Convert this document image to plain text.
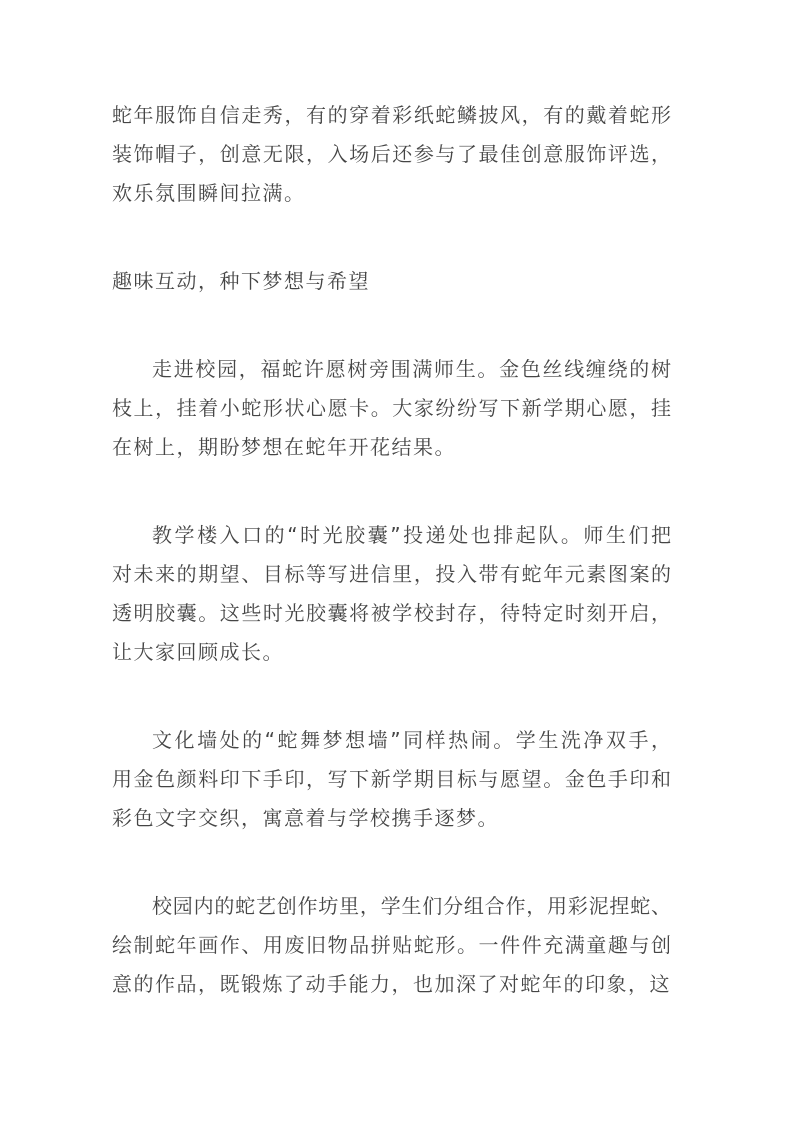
蛇年服饰自信走秀，有的穿着彩纸蛇鳞披风，有的戴着蛇形
装饰帽子，创意无限，入场后还参与了最佳创意服饰评选，
欢乐氛围瞬间拉满。
趣味互动，种下梦想与希望
走进校园，福蛇许愿树旁围满师生。金色丝线缠绕的树
枝上，挂着小蛇形状心愿卡。大家纷纷写下新学期心愿，挂
在树上，期盼梦想在蛇年开花结果。
教学楼入口的“时光胶囊”投递处也排起队。师生们把
对未来的期望、目标等写进信里，投入带有蛇年元素图案的
透明胶囊。这些时光胶囊将被学校封存，待特定时刻开启，
让大家回顾成长。
文化墙处的“蛇舞梦想墙”同样热闹。学生洗净双手，
用金色颜料印下手印，写下新学期目标与愿望。金色手印和
彩色文字交织，寓意着与学校携手逐梦。
校园内的蛇艺创作坊里，学生们分组合作，用彩泥捏蛇、
绘制蛇年画作、用废旧物品拼贴蛇形。一件件充满童趣与创
意的作品，既锻炼了动手能力，也加深了对蛇年的印象，这
